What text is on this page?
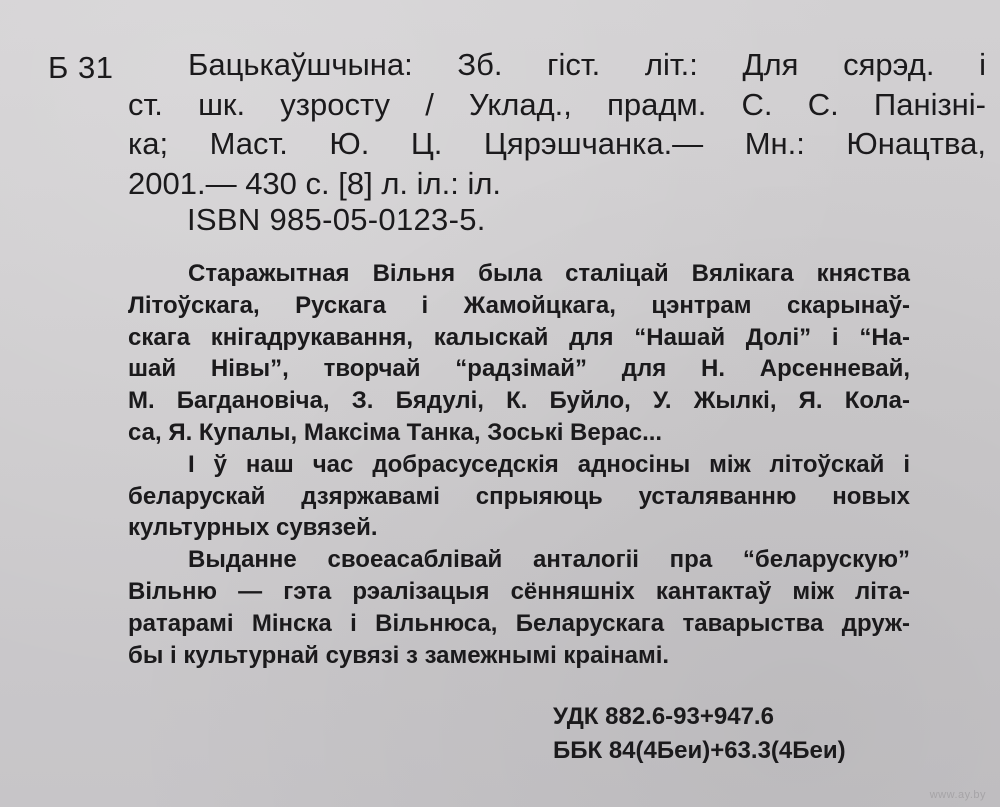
Б 31	Бацькаўшчына: Зб. гіст. літ.: Для сярэд. і
ст. шк. узросту / Уклад., прадм. С. С. Панізні-
ка; Маст. Ю. Ц. Цярэшчанка.— Мн.: Юнацтва,
2001.— 430 с. [8] л. іл.: іл.
ISBN 985-05-0123-5.
Старажытная Вільня была сталіцай Вялікага княства
Літоўскага, Рускага і Жамойцкага, цэнтрам скарынаў-
скага кнігадрукавання, калыскай для “Нашай Долі” і “На-
шай Нівы”, творчай “радзімай” для Н. Арсенневай,
М. Багдановіча, З. Бядулі, К. Буйло, У. Жылкі, Я. Кола-
са, Я. Купалы, Максіма Танка, Зоські Верас...
І ў наш час добрасуседскія адносіны між літоўскай і
беларускай дзяржавамі спрыяюць усталяванню новых
культурных сувязей.
Выданне своеасаблівай анталогіі пра “беларускую”
Вільню — гэта рэалізацыя сённяшніх кантактаў між літа-
ратарамі Мінска і Вільнюса, Беларускага таварыства друж-
бы і культурнай сувязі з замежнымі краінамі.
УДК 882.6-93+947.6
ББК 84(4Беи)+63.3(4Беи)
www.ay.by
